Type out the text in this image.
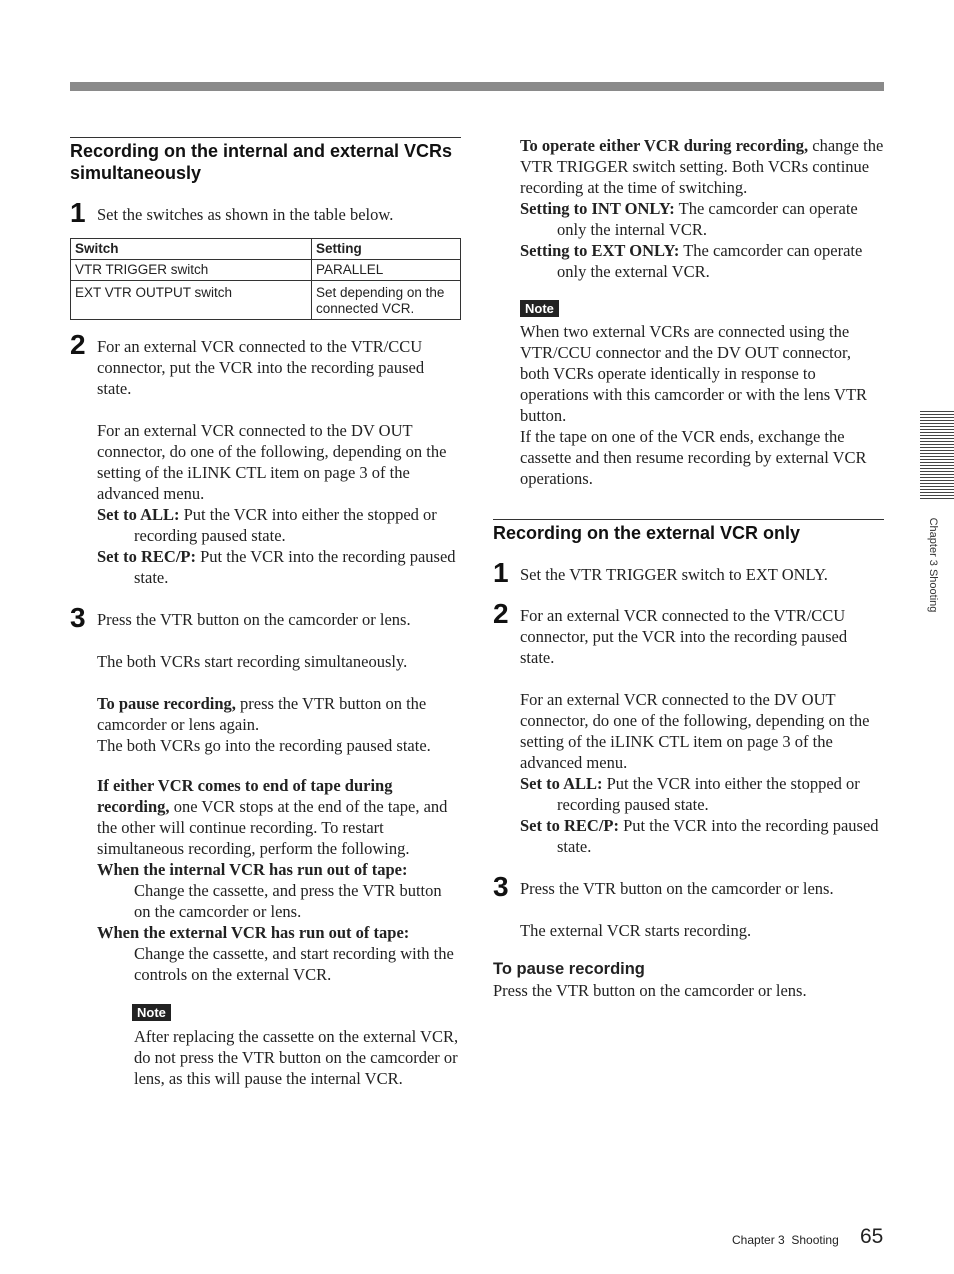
Recording on the internal and external VCRs simultaneously
1 Set the switches as shown in the table below.

Switch	Setting
VTR TRIGGER switch	PARALLEL
EXT VTR OUTPUT switch	Set depending on the connected VCR.
2 For an external VCR connected to the VTR/CCU connector, put the VCR into the recording paused state.

For an external VCR connected to the DV OUT connector, do one of the following, depending on the setting of the iLINK CTL item on page 3 of the advanced menu.

Set to ALL: Put the VCR into either the stopped or recording paused state.

Set to REC/P: Put the VCR into the recording paused state.

3 Press the VTR button on the camcorder or lens.

The both VCRs start recording simultaneously.

To pause recording, press the VTR button on the camcorder or lens again.

The both VCRs go into the recording paused state.

If either VCR comes to end of tape during recording, one VCR stops at the end of the tape, and the other will continue recording. To restart simultaneous recording, perform the following.

When the internal VCR has run out of tape:

Change the cassette, and press the VTR button on the camcorder or lens.

When the external VCR has run out of tape:

Change the cassette, and start recording with the controls on the external VCR.

Note

After replacing the cassette on the external VCR, do not press the VTR button on the camcorder or lens, as this will pause the internal VCR.

To operate either VCR during recording, change the VTR TRIGGER switch setting. Both VCRs continue recording at the time of switching.

Setting to INT ONLY: The camcorder can operate only the internal VCR.

Setting to EXT ONLY: The camcorder can operate only the external VCR.

Note

When two external VCRs are connected using the VTR/CCU connector and the DV OUT connector, both VCRs operate identically in response to operations with this camcorder or with the lens VTR button.

If the tape on one of the VCR ends, exchange the cassette and then resume recording by external VCR operations.

Recording on the external VCR only
1 Set the VTR TRIGGER switch to EXT ONLY.

2 For an external VCR connected to the VTR/CCU connector, put the VCR into the recording paused state.

For an external VCR connected to the DV OUT connector, do one of the following, depending on the setting of the iLINK CTL item on page 3 of the advanced menu.

Set to ALL: Put the VCR into either the stopped or recording paused state.

Set to REC/P: Put the VCR into the recording paused state.

3 Press the VTR button on the camcorder or lens.

The external VCR starts recording.

To pause recording

Press the VTR button on the camcorder or lens.

Chapter 3 Shooting
Chapter 3  Shooting 65
